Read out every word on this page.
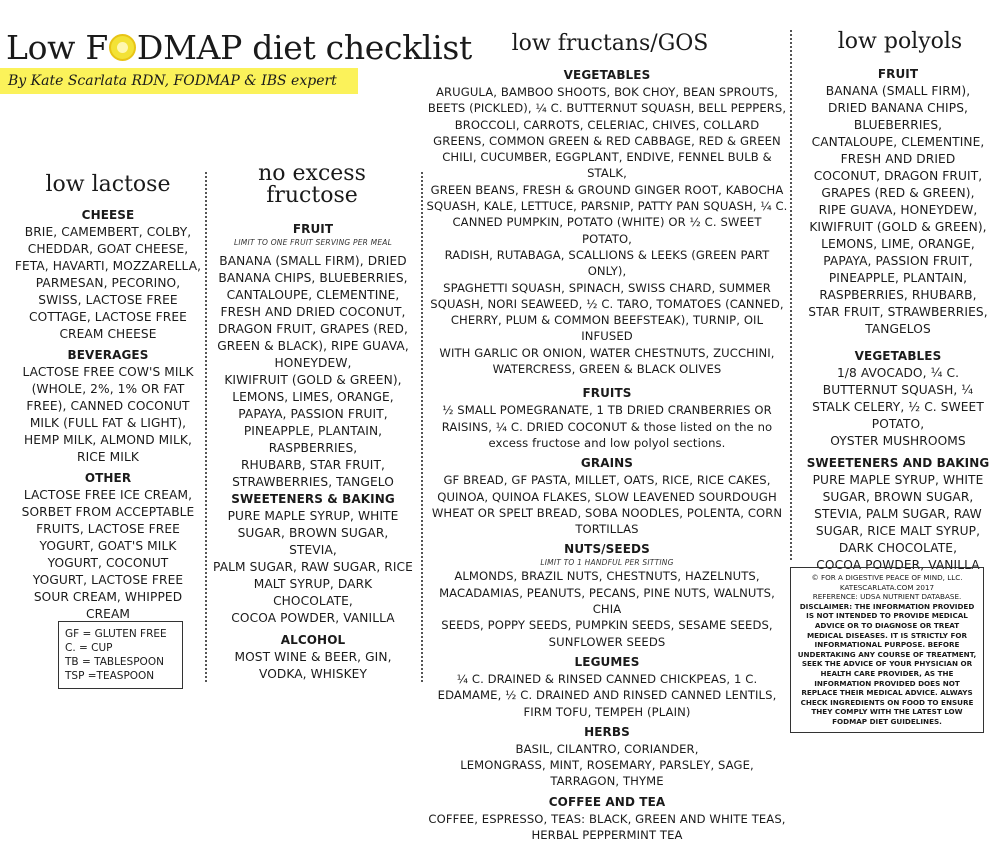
Low F DMAP diet checklist
By Kate Scarlata RDN, FODMAP & IBS expert
low lactose
CHEESE
BRIE, CAMEMBERT, COLBY,
CHEDDAR, GOAT CHEESE,
FETA, HAVARTI, MOZZARELLA,
PARMESAN, PECORINO,
SWISS, LACTOSE FREE
COTTAGE, LACTOSE FREE
CREAM CHEESE
BEVERAGES
LACTOSE FREE COW'S MILK
(WHOLE, 2%, 1% OR FAT
FREE), CANNED COCONUT
MILK (FULL FAT & LIGHT),
HEMP MILK, ALMOND MILK,
RICE MILK
OTHER
LACTOSE FREE ICE CREAM,
SORBET FROM ACCEPTABLE
FRUITS, LACTOSE FREE
YOGURT, GOAT'S MILK
YOGURT, COCONUT
YOGURT, LACTOSE FREE
SOUR CREAM, WHIPPED
CREAM
GF = GLUTEN FREE
C. = CUP
TB = TABLESPOON
TSP =TEASPOON
no excess
fructose
FRUIT
LIMIT TO ONE FRUIT SERVING PER MEAL
BANANA (SMALL FIRM), DRIED
BANANA CHIPS, BLUEBERRIES,
CANTALOUPE, CLEMENTINE,
FRESH AND DRIED COCONUT,
DRAGON FRUIT, GRAPES (RED,
GREEN & BLACK), RIPE GUAVA,
HONEYDEW,
KIWIFRUIT (GOLD & GREEN),
LEMONS, LIMES, ORANGE,
PAPAYA, PASSION FRUIT,
PINEAPPLE, PLANTAIN,
RASPBERRIES,
RHUBARB, STAR FRUIT,
STRAWBERRIES, TANGELO
SWEETENERS & BAKING
PURE MAPLE SYRUP, WHITE
SUGAR, BROWN SUGAR, STEVIA,
PALM SUGAR, RAW SUGAR, RICE
MALT SYRUP, DARK CHOCOLATE,
COCOA POWDER, VANILLA
ALCOHOL
MOST WINE & BEER, GIN,
VODKA, WHISKEY
low fructans/GOS
VEGETABLES
ARUGULA, BAMBOO SHOOTS, BOK CHOY, BEAN SPROUTS,
BEETS (PICKLED), ¼ C. BUTTERNUT SQUASH, BELL PEPPERS,
BROCCOLI, CARROTS, CELERIAC, CHIVES, COLLARD
GREENS, COMMON GREEN & RED CABBAGE, RED & GREEN
CHILI, CUCUMBER, EGGPLANT, ENDIVE, FENNEL BULB & STALK,
GREEN BEANS, FRESH & GROUND GINGER ROOT, KABOCHA
SQUASH, KALE, LETTUCE, PARSNIP, PATTY PAN SQUASH, ¼ C.
CANNED PUMPKIN, POTATO (WHITE) OR ½ C. SWEET POTATO,
RADISH, RUTABAGA, SCALLIONS & LEEKS (GREEN PART ONLY),
SPAGHETTI SQUASH, SPINACH, SWISS CHARD, SUMMER
SQUASH, NORI SEAWEED, ½ C. TARO, TOMATOES (CANNED,
CHERRY, PLUM & COMMON BEEFSTEAK), TURNIP, OIL INFUSED
WITH GARLIC OR ONION, WATER CHESTNUTS, ZUCCHINI,
WATERCRESS, GREEN & BLACK OLIVES
FRUITS
½ SMALL POMEGRANATE, 1 TB DRIED CRANBERRIES OR
RAISINS, ¼ C. DRIED COCONUT & those listed on the no
excess fructose and low polyol sections.
GRAINS
GF BREAD, GF PASTA, MILLET, OATS, RICE, RICE CAKES,
QUINOA, QUINOA FLAKES, SLOW LEAVENED SOURDOUGH
WHEAT OR SPELT BREAD, SOBA NOODLES, POLENTA, CORN
TORTILLAS
NUTS/SEEDS
LIMIT TO 1 HANDFUL PER SITTING
ALMONDS, BRAZIL NUTS, CHESTNUTS, HAZELNUTS,
MACADAMIAS, PEANUTS, PECANS, PINE NUTS, WALNUTS, CHIA
SEEDS, POPPY SEEDS, PUMPKIN SEEDS, SESAME SEEDS,
SUNFLOWER SEEDS
LEGUMES
¼ C. DRAINED & RINSED CANNED CHICKPEAS, 1 C.
EDAMAME, ½ C. DRAINED AND RINSED CANNED LENTILS,
FIRM TOFU, TEMPEH (PLAIN)
HERBS
BASIL, CILANTRO, CORIANDER,
LEMONGRASS, MINT, ROSEMARY, PARSLEY, SAGE,
TARRAGON, THYME
COFFEE AND TEA
COFFEE, ESPRESSO, TEAS: BLACK, GREEN AND WHITE TEAS,
HERBAL PEPPERMINT TEA
low polyols
FRUIT
BANANA (SMALL FIRM),
DRIED BANANA CHIPS,
BLUEBERRIES,
CANTALOUPE, CLEMENTINE,
FRESH AND DRIED
COCONUT, DRAGON FRUIT,
GRAPES (RED & GREEN),
RIPE GUAVA, HONEYDEW,
KIWIFRUIT (GOLD & GREEN),
LEMONS, LIME, ORANGE,
PAPAYA, PASSION FRUIT,
PINEAPPLE, PLANTAIN,
RASPBERRIES, RHUBARB,
STAR FRUIT, STRAWBERRIES,
TANGELOS
VEGETABLES
1/8 AVOCADO, ¼ C.
BUTTERNUT SQUASH, ¼
STALK CELERY, ½ C. SWEET
POTATO,
OYSTER MUSHROOMS
SWEETENERS AND BAKING
PURE MAPLE SYRUP, WHITE
SUGAR, BROWN SUGAR,
STEVIA, PALM SUGAR, RAW
SUGAR, RICE MALT SYRUP,
DARK CHOCOLATE,
COCOA POWDER, VANILLA
© FOR A DIGESTIVE PEACE OF MIND, LLC.
KATESCARLATA.COM 2017
REFERENCE: UDSA NUTRIENT DATABASE.
DISCLAIMER: THE INFORMATION PROVIDED IS NOT INTENDED TO PROVIDE MEDICAL ADVICE OR TO DIAGNOSE OR TREAT MEDICAL DISEASES. IT IS STRICTLY FOR INFORMATIONAL PURPOSE. BEFORE UNDERTAKING ANY COURSE OF TREATMENT, SEEK THE ADVICE OF YOUR PHYSICIAN OR HEALTH CARE PROVIDER, AS THE INFORMATION PROVIDED DOES NOT REPLACE THEIR MEDICAL ADVICE. ALWAYS CHECK INGREDIENTS ON FOOD TO ENSURE THEY COMPLY WITH THE LATEST LOW FODMAP DIET GUIDELINES.
